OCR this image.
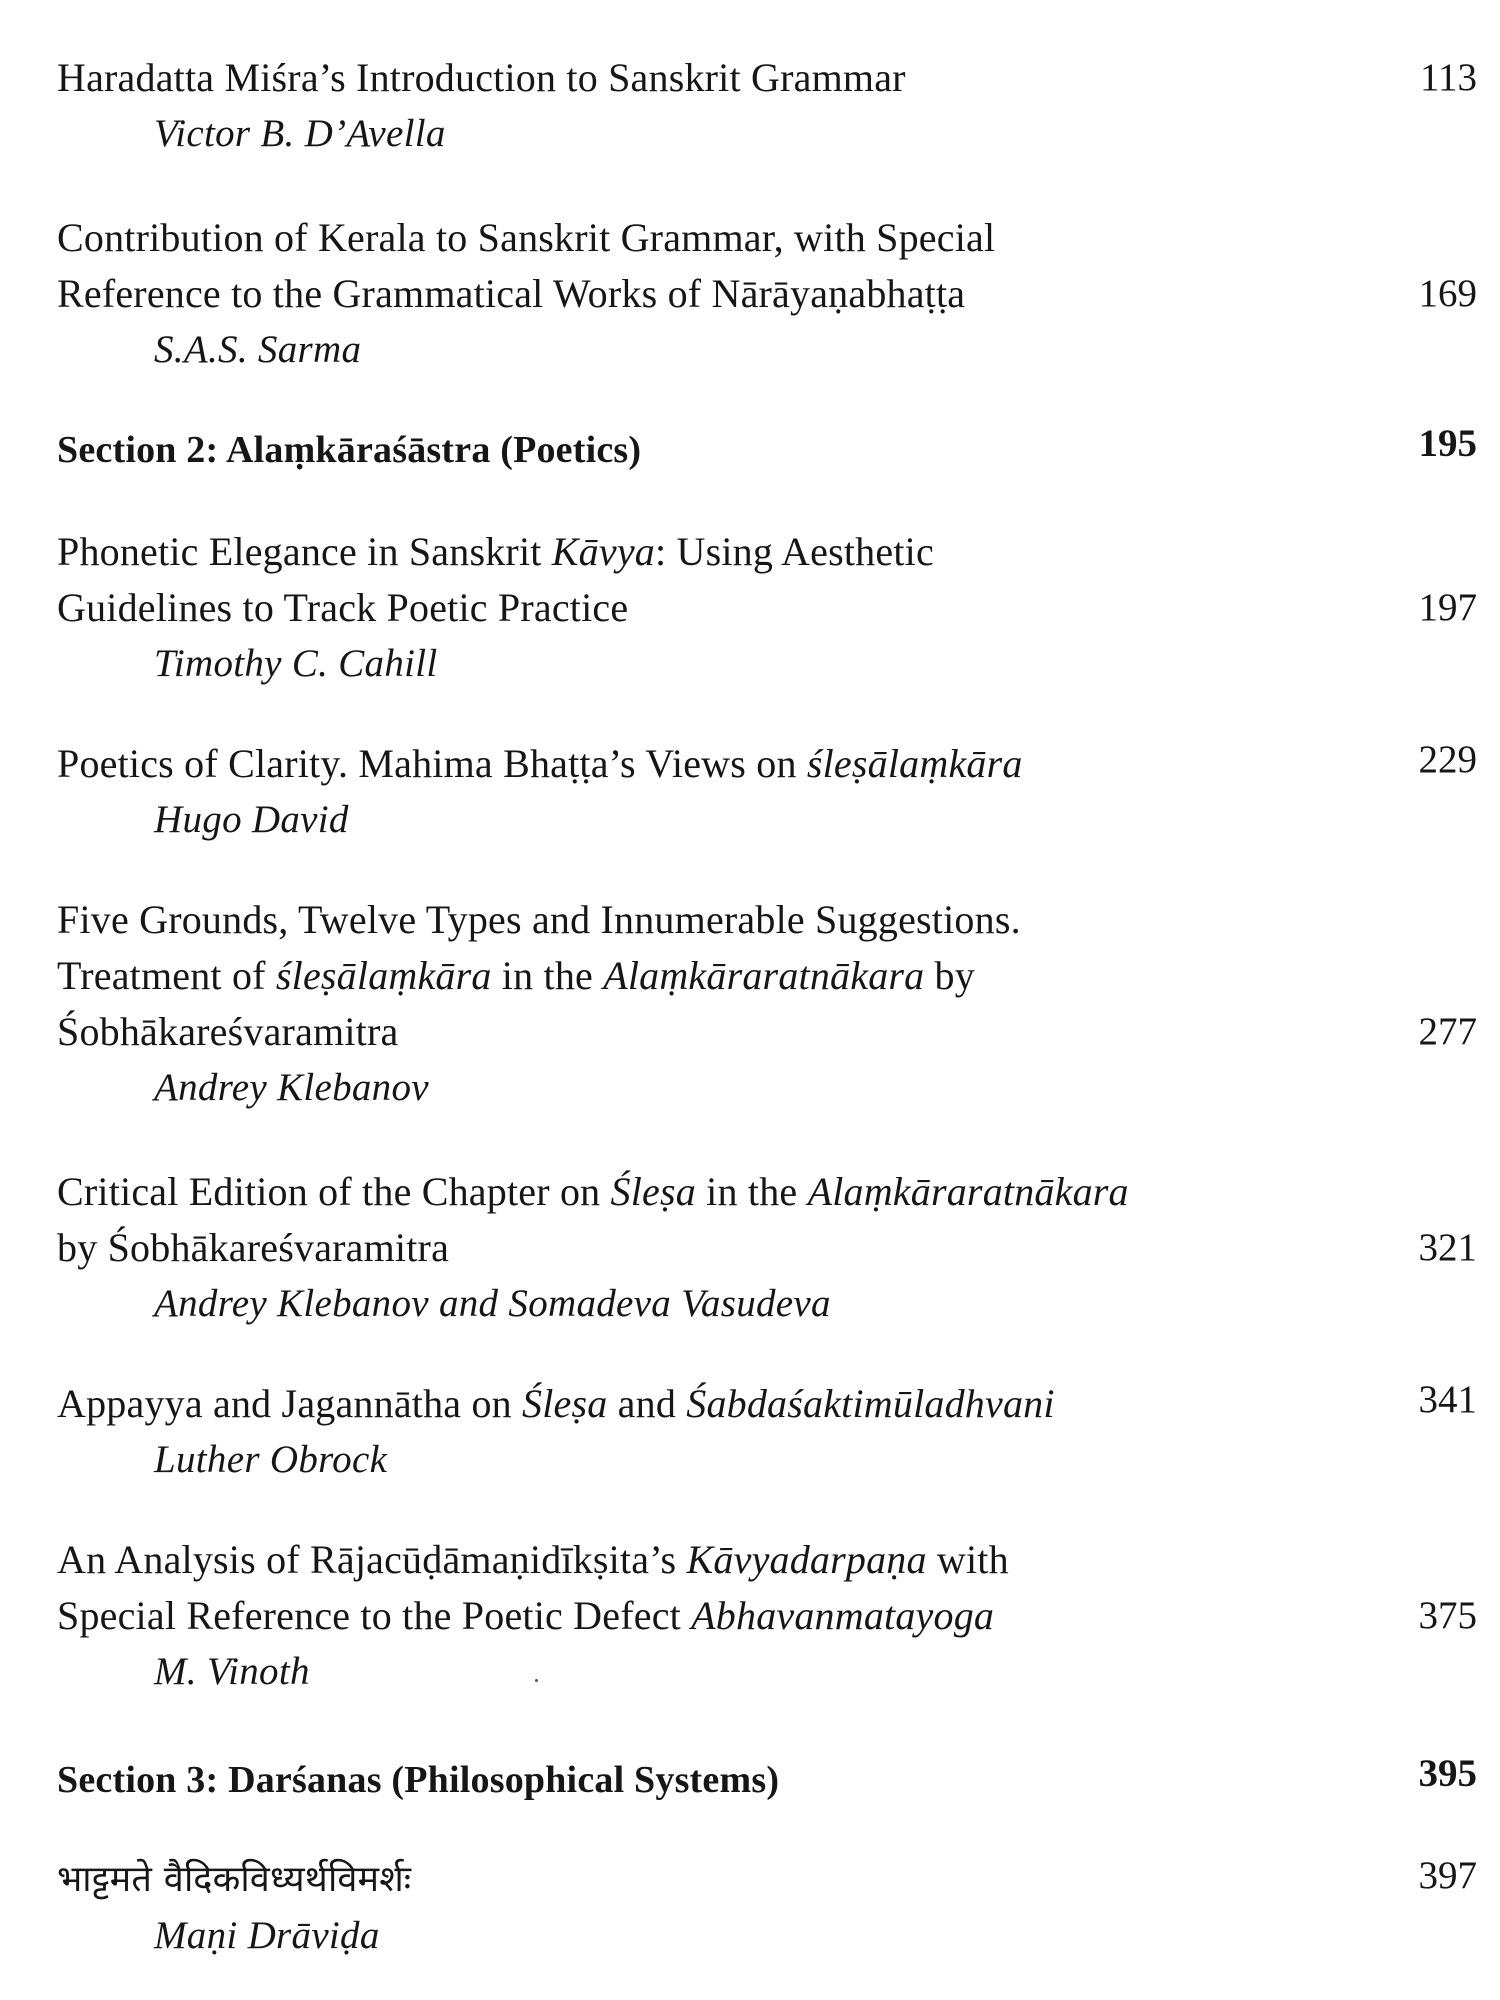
Haradatta Miśra’s Introduction to Sanskrit Grammar
Victor B. D’Avella
113
Contribution of Kerala to Sanskrit Grammar, with Special
Reference to the Grammatical Works of Nārāyaṇabhaṭṭa
S.A.S. Sarma
169
Section 2: Alaṃkāraśāstra (Poetics)	195
Phonetic Elegance in Sanskrit Kāvya: Using Aesthetic
Guidelines to Track Poetic Practice
Timothy C. Cahill
197
Poetics of Clarity. Mahima Bhaṭṭa’s Views on śleṣālaṃkāra
Hugo David
229
Five Grounds, Twelve Types and Innumerable Suggestions.
Treatment of śleṣālaṃkāra in the Alaṃkāraratnākara by
Śobhākareśvaramitra
Andrey Klebanov
277
Critical Edition of the Chapter on Śleṣa in the Alaṃkāraratnākara
by Śobhākareśvaramitra
Andrey Klebanov and Somadeva Vasudeva
321
Appayya and Jagannātha on Śleṣa and Śabdaśaktimūladhvani
Luther Obrock
341
An Analysis of Rājacūḍāmaṇidīkṣita’s Kāvyadarpaṇa with
Special Reference to the Poetic Defect Abhavanmatayoga
M. Vinoth
375
Section 3: Darśanas (Philosophical Systems)	395
भाट्टमते वैदिकविध्यर्थविमर्शः
Maṇi Drāviḍa
397
